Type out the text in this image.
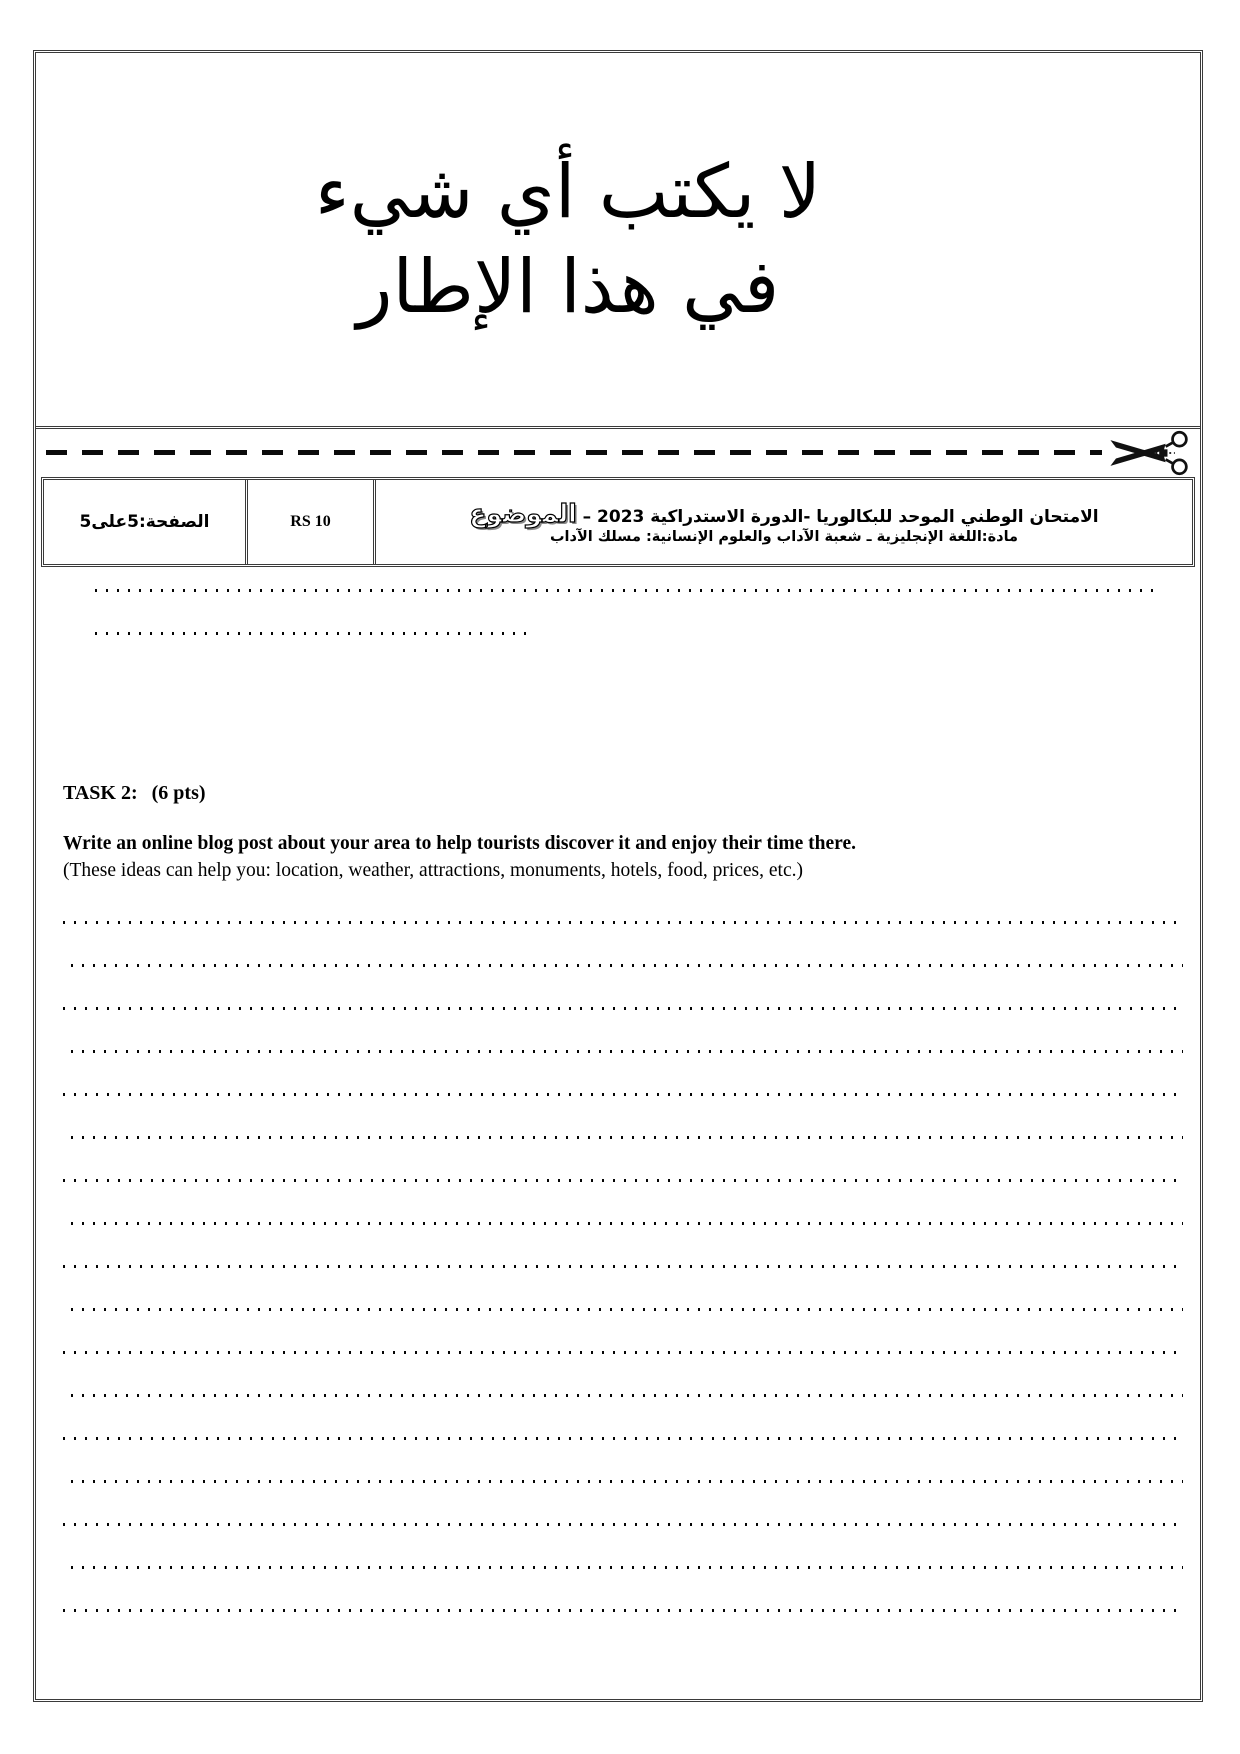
لا يكتب أي شيء
في هذا الإطار
الصفحة:5على5	RS 10	الامتحان الوطني الموحد للبكالوريا -الدورة الاستدراكية 2023 – الموضوع
مادة:اللغة الإنجليزية ـ شعبة الآداب والعلوم الإنسانية: مسلك الآداب
TASK 2: (6 pts)
Write an online blog post about your area to help tourists discover it and enjoy their time there.
(These ideas can help you: location, weather, attractions, monuments, hotels, food, prices, etc.)
